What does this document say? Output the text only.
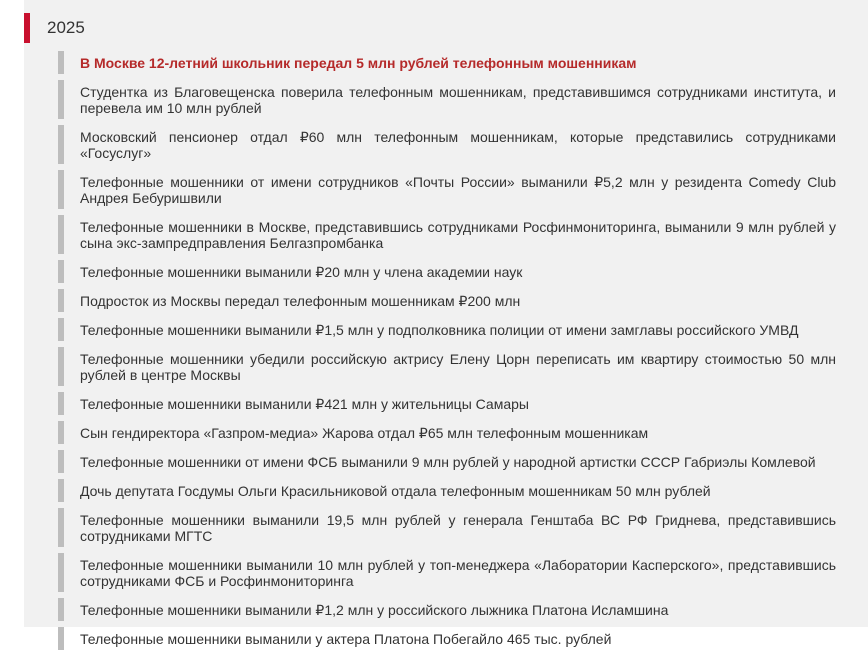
2025
В Москве 12-летний школьник передал 5 млн рублей телефонным мошенникам
Студентка из Благовещенска поверила телефонным мошенникам, представившимся сотрудниками института, и перевела им 10 млн рублей
Московский пенсионер отдал ₽60 млн телефонным мошенникам, которые представились сотрудниками «Госуслуг»
Телефонные мошенники от имени сотрудников «Почты России» выманили ₽5,2 млн у резидента Comedy Club Андрея Бебуришвили
Телефонные мошенники в Москве, представившись сотрудниками Росфинмониторинга, выманили 9 млн рублей у сына экс-зампредправления Белгазпромбанка
Телефонные мошенники выманили ₽20 млн у члена академии наук
Подросток из Москвы передал телефонным мошенникам ₽200 млн
Телефонные мошенники выманили ₽1,5 млн у подполковника полиции от имени замглавы российского УМВД
Телефонные мошенники убедили российскую актрису Елену Цорн переписать им квартиру стоимостью 50 млн рублей в центре Москвы
Телефонные мошенники выманили ₽421 млн у жительницы Самары
Сын гендиректора «Газпром-медиа» Жарова отдал ₽65 млн телефонным мошенникам
Телефонные мошенники от имени ФСБ выманили 9 млн рублей у народной артистки СССР Габриэлы Комлевой
Дочь депутата Госдумы Ольги Красильниковой отдала телефонным мошенникам 50 млн рублей
Телефонные мошенники выманили 19,5 млн рублей у генерала Генштаба ВС РФ Гриднева, представившись сотрудниками МГТС
Телефонные мошенники выманили 10 млн рублей у топ-менеджера «Лаборатории Касперского», представившись сотрудниками ФСБ и Росфинмониторинга
Телефонные мошенники выманили ₽1,2 млн у российского лыжника Платона Исламшина
Телефонные мошенники выманили у актера Платона Побегайло 465 тыс. рублей
